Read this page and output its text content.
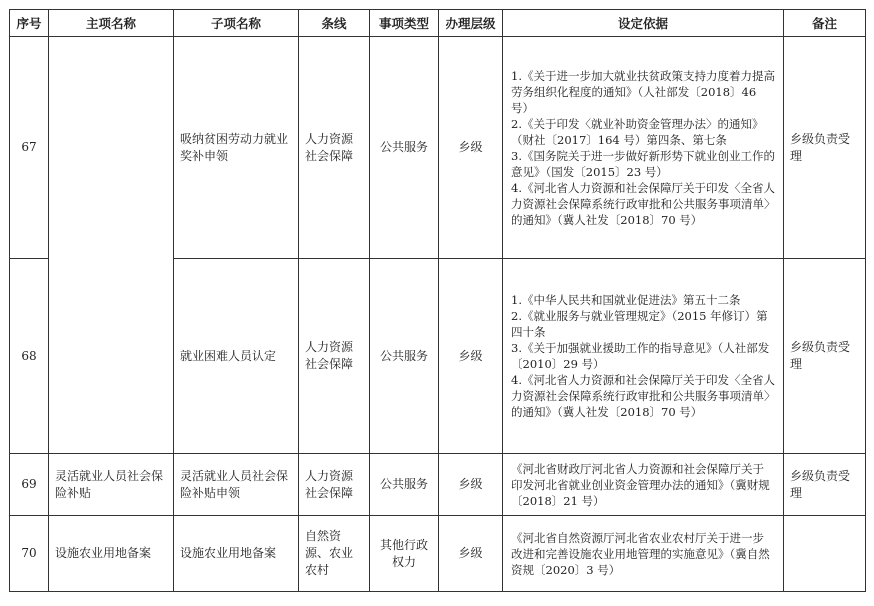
序号	主项名称	子项名称	条线	事项类型	办理层级	设定依据	备注
67		吸纳贫困劳动力就业奖补申领	人力资源社会保障	公共服务	乡级	1.《关于进一步加大就业扶贫政策支持力度着力提高劳务组织化程度的通知》（人社部发〔2018〕46 号）

2.《关于印发〈就业补助资金管理办法〉的通知》（财社〔2017〕164 号）第四条、第七条

3.《国务院关于进一步做好新形势下就业创业工作的意见》（国发〔2015〕23 号）

4.《河北省人力资源和社会保障厅关于印发〈全省人力资源社会保障系统行政审批和公共服务事项清单〉的通知》（冀人社发〔2018〕70 号）	乡级负责受理
68		就业困难人员认定	人力资源社会保障	公共服务	乡级	1.《中华人民共和国就业促进法》第五十二条

2.《就业服务与就业管理规定》（2015 年修订）第四十条

3.《关于加强就业援助工作的指导意见》（人社部发〔2010〕29 号）

4.《河北省人力资源和社会保障厅关于印发〈全省人力资源社会保障系统行政审批和公共服务事项清单〉的通知》（冀人社发〔2018〕70 号）	乡级负责受理
69	灵活就业人员社会保险补贴	灵活就业人员社会保险补贴申领	人力资源社会保障	公共服务	乡级	《河北省财政厅河北省人力资源和社会保障厅关于印发河北省就业创业资金管理办法的通知》（冀财规〔2018〕21 号）	乡级负责受理
70	设施农业用地备案	设施农业用地备案	自然资源、农业农村	其他行政权力	乡级	《河北省自然资源厅河北省农业农村厅关于进一步改进和完善设施农业用地管理的实施意见》（冀自然资规〔2020〕3 号）	
